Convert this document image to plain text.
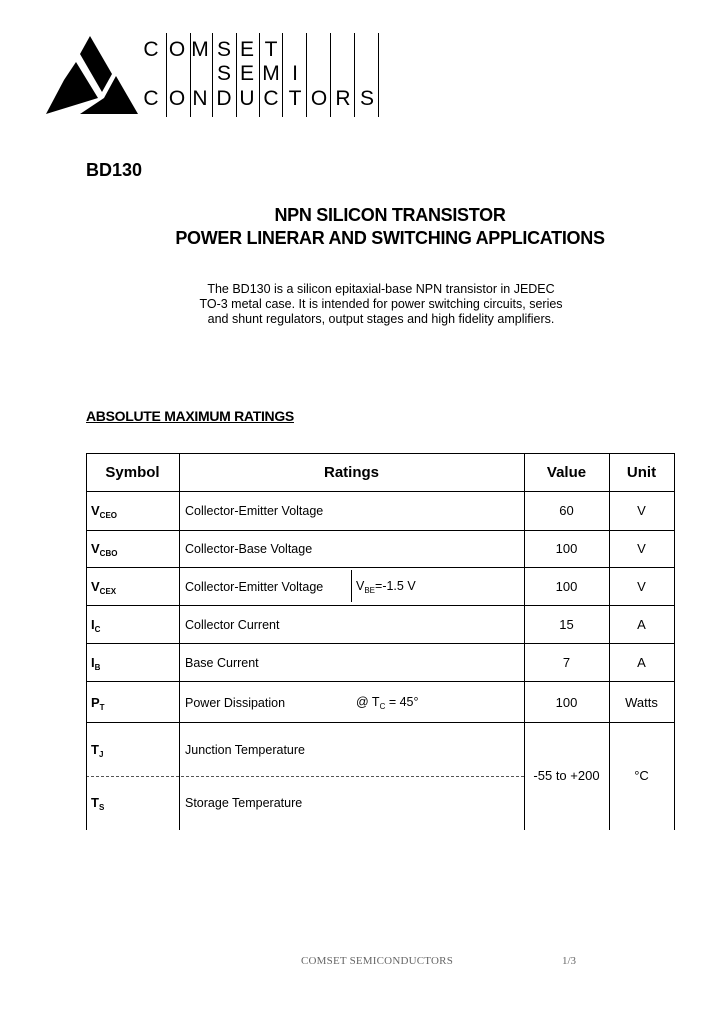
C O M S E T
S E M I
C O N D U C T O R S
BD130
NPN SILICON TRANSISTOR
POWER LINERAR AND SWITCHING APPLICATIONS
The BD130 is a silicon epitaxial-base NPN transistor in JEDEC TO-3 metal case. It is intended for power switching circuits, series and shunt regulators, output stages and high fidelity amplifiers.
ABSOLUTE MAXIMUM RATINGS
Symbol	Ratings	Value	Unit
$V_{CEO}$	Collector-Emitter Voltage	60	V
$V_{CBO}$	Collector-Base Voltage	100	V
$V_{CEX}$	Collector-Emitter Voltage	$V_{BE}=-1.5$ V	100	V
$I_C$	Collector Current	15	A
$I_B$	Base Current	7	A
$P_T$	Power Dissipation	@ $T_C = 45^\circ$	100	Watts
$T_J$	Junction Temperature
$T_S$	Storage Temperature
-55 to +200	°C
COMSET SEMICONDUCTORS	1/3
